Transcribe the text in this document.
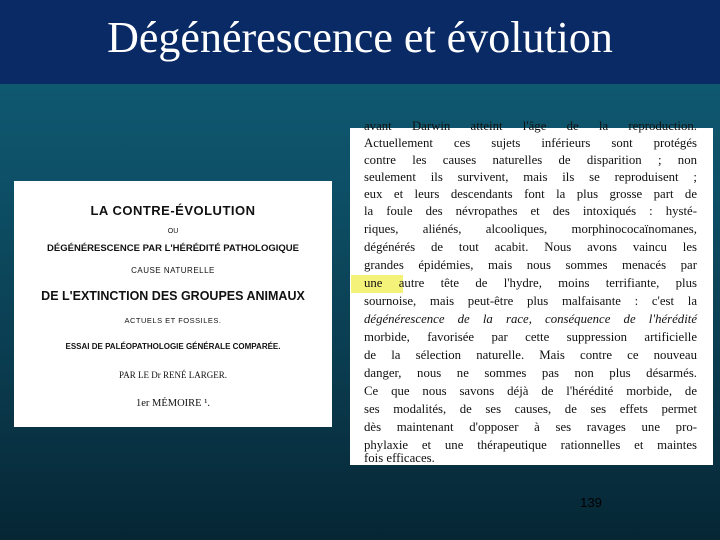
Dégénérescence et évolution
LA CONTRE-ÉVOLUTION
OU
DÉGÉNÉRESCENCE PAR L'HÉRÉDITÉ PATHOLOGIQUE
CAUSE NATURELLE
DE L'EXTINCTION DES GROUPES ANIMAUX
ACTUELS ET FOSSILES.
ESSAI DE PALÉOPATHOLOGIE GÉNÉRALE COMPARÉE.
PAR LE Dr RENÉ LARGER.
1er MÉMOIRE ¹.
avant Darwin atteint l'âge de la reproduction.
Actuellement ces sujets inférieurs sont protégés
contre les causes naturelles de disparition ; non
seulement ils survivent, mais ils se reproduisent ;
eux et leurs descendants font la plus grosse part de
la foule des névropathes et des intoxiqués : hysté-
riques, aliénés, alcooliques, morphinococaïnomanes,
dégénérés de tout acabit. Nous avons vaincu les
grandes épidémies, mais nous sommes menacés par
une autre tête de l'hydre, moins terrifiante, plus
sournoise, mais peut-être plus malfaisante : c'est la
dégénérescence de la race, conséquence de l'hérédité
morbide, favorisée par cette suppression artificielle
de la sélection naturelle. Mais contre ce nouveau
danger, nous ne sommes pas non plus désarmés.
Ce que nous savons déjà de l'hérédité morbide, de
ses modalités, de ses causes, de ses effets permet
dès maintenant d'opposer à ses ravages une pro-
phylaxie et une thérapeutique rationnelles et maintes
fois efficaces.
139
